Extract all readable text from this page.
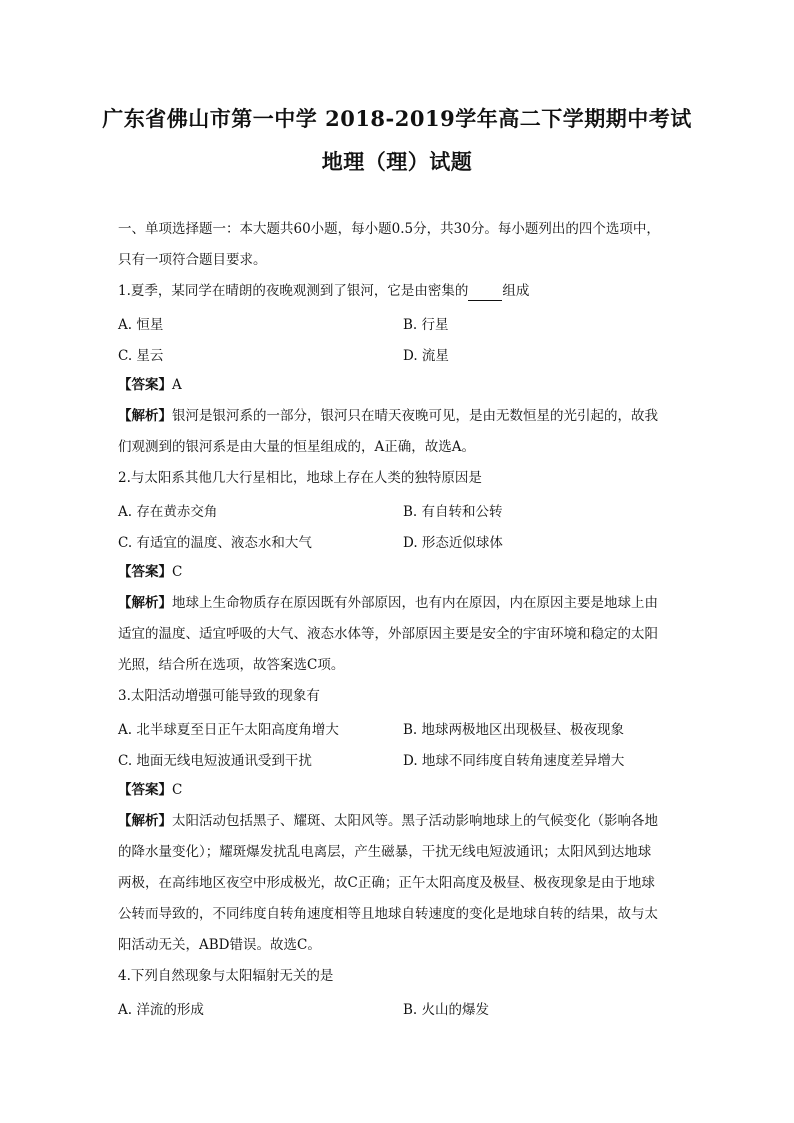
广东省佛山市第一中学 2018-2019学年高二下学期期中考试
地理（理）试题
一、单项选择题一：本大题共60小题，每小题0.5分，共30分。每小题列出的四个选项中，
只有一项符合题目要求。
1.夏季，某同学在晴朗的夜晚观测到了银河，它是由密集的	组成
A. 恒星	B. 行星
C. 星云	D. 流星
【答案】A
【解析】银河是银河系的一部分，银河只在晴天夜晚可见，是由无数恒星的光引起的，故我
们观测到的银河系是由大量的恒星组成的，A正确，故选A。
2.与太阳系其他几大行星相比，地球上存在人类的独特原因是
A. 存在黄赤交角	B. 有自转和公转
C. 有适宜的温度、液态水和大气	D. 形态近似球体
【答案】C
【解析】地球上生命物质存在原因既有外部原因，也有内在原因，内在原因主要是地球上由
适宜的温度、适宜呼吸的大气、液态水体等，外部原因主要是安全的宇宙环境和稳定的太阳
光照，结合所在选项，故答案选C项。
3.太阳活动增强可能导致的现象有
A. 北半球夏至日正午太阳高度角增大	B. 地球两极地区出现极昼、极夜现象
C. 地面无线电短波通讯受到干扰	D. 地球不同纬度自转角速度差异增大
【答案】C
【解析】太阳活动包括黑子、耀斑、太阳风等。黑子活动影响地球上的气候变化（影响各地
的降水量变化）；耀斑爆发扰乱电离层，产生磁暴，干扰无线电短波通讯；太阳风到达地球
两极，在高纬地区夜空中形成极光，故C正确；正午太阳高度及极昼、极夜现象是由于地球
公转而导致的，不同纬度自转角速度相等且地球自转速度的变化是地球自转的结果，故与太
阳活动无关，ABD错误。故选C。
4.下列自然现象与太阳辐射无关的是
A. 洋流的形成	B. 火山的爆发
